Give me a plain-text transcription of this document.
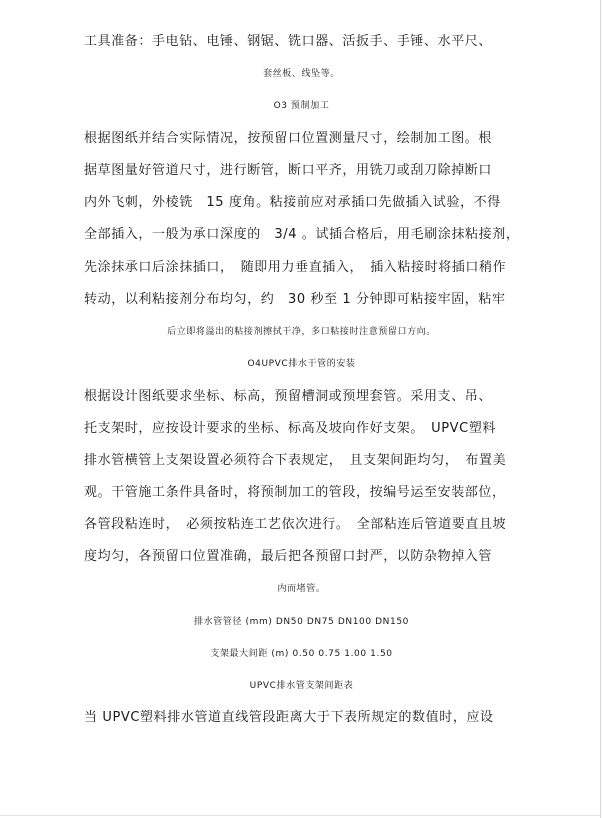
工具准备：手电钻、电锤、钢锯、铣口器、活扳手、手锤、水平尺、
套丝板、线坠等。
O3 预制加工
根据图纸并结合实际情况，按预留口位置测量尺寸，绘制加工图。根
据草图量好管道尺寸，进行断管，断口平齐，用铣刀或刮刀除掉断口
内外飞刺，外棱铣　15 度角。粘接前应对承插口先做插入试验，不得
全部插入，一般为承口深度的　3/4 。试插合格后，用毛刷涂抹粘接剂，
先涂抹承口后涂抹插口，　随即用力垂直插入，　插入粘接时将插口稍作
转动，以利粘接剂分布均匀，约　30 秒至 1 分钟即可粘接牢固，粘牢
后立即将溢出的粘接剂擦拭干净，多口粘接时注意预留口方向。
O4UPVC排水干管的安装
根据设计图纸要求坐标、标高，预留槽洞或预埋套管。采用支、吊、
托支架时，应按设计要求的坐标、标高及坡向作好支架。　UPVC塑料
排水管横管上支架设置必须符合下表规定，　且支架间距均匀，　布置美
观。干管施工条件具备时，将预制加工的管段，按编号运至安装部位，
各管段粘连时，　必须按粘连工艺依次进行。　全部粘连后管道要直且坡
度均匀，各预留口位置准确，最后把各预留口封严，以防杂物掉入管
内而堵管。
排水管管径 (mm) DN50 DN75 DN100 DN150
支架最大间距 (m) 0.50 0.75 1.00 1.50
UPVC排水管支架间距表
当 UPVC塑料排水管道直线管段距离大于下表所规定的数值时，应设
